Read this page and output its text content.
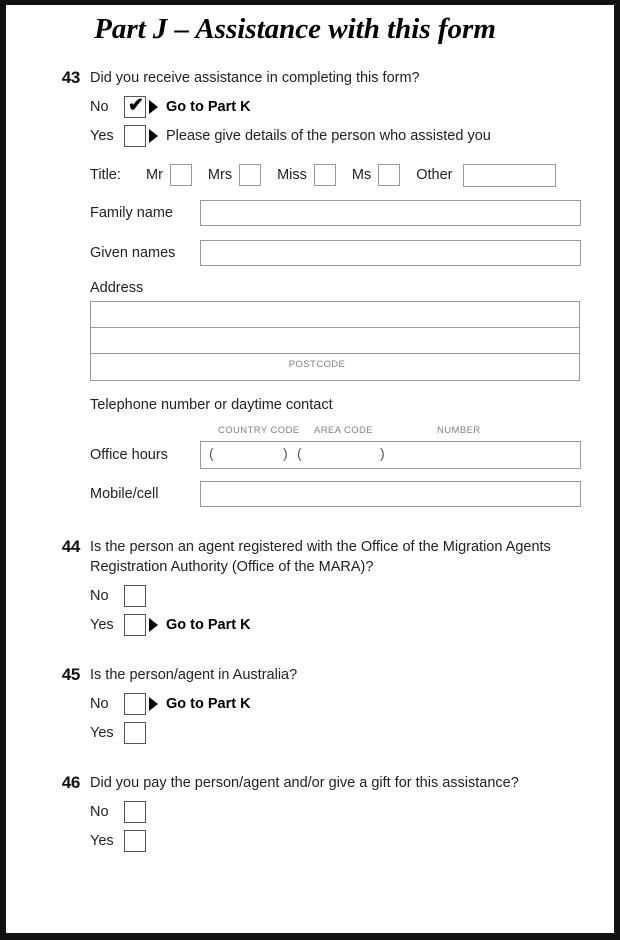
Part J – Assistance with this form
43 Did you receive assistance in completing this form?
No	✔ Go to Part K
Yes	Please give details of the person who assisted you
Title:	Mr	Mrs	Miss	Ms	Other
Family name
Given names
Address
POSTCODE
Telephone number or daytime contact
COUNTRY CODE AREA CODE	NUMBER
Office hours	(	) (	)
Mobile/cell
44 Is the person an agent registered with the Office of the Migration Agents Registration Authority (Office of the MARA)?
No
Yes	Go to Part K
45 Is the person/agent in Australia?
No	Go to Part K
Yes
46 Did you pay the person/agent and/or give a gift for this assistance?
No
Yes
